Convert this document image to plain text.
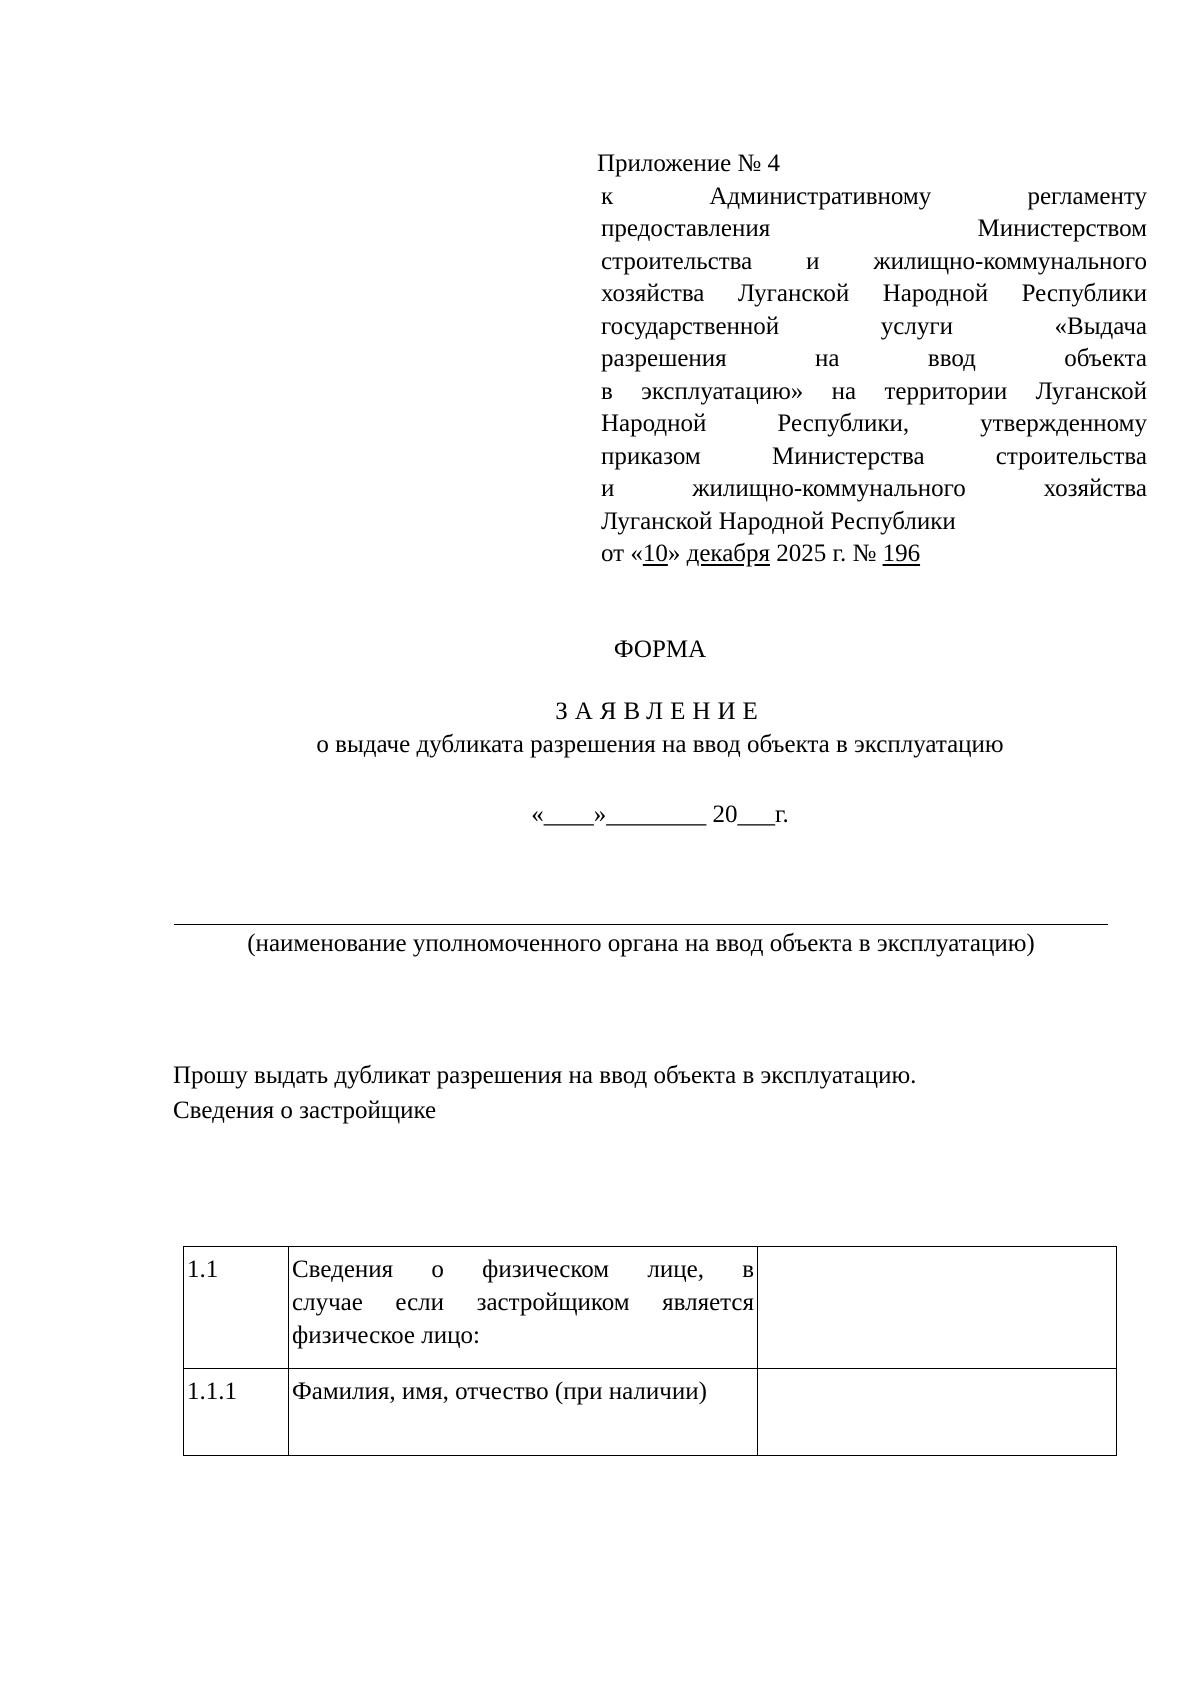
Приложение № 4
к Административному регламенту
предоставления Министерством
строительства и жилищно-коммунального
хозяйства Луганской Народной Республики
государственной услуги «Выдача
разрешения на ввод объекта
в эксплуатацию» на территории Луганской
Народной Республики, утвержденному
приказом Министерства строительства
и жилищно-коммунального хозяйства
Луганской Народной Республики
от «10» декабря 2025 г. № 196
ФОРМА
ЗАЯВЛЕНИЕ
о выдаче дубликата разрешения на ввод объекта в эксплуатацию
«____»________ 20___г.
(наименование уполномоченного органа на ввод объекта в эксплуатацию)
Прошу выдать дубликат разрешения на ввод объекта в эксплуатацию.
Сведения о застройщике
1.1	Сведения о физическом лице, в
случае если застройщиком является
физическое лицо:	

1.1.1	Фамилия, имя, отчество (при наличии)	
